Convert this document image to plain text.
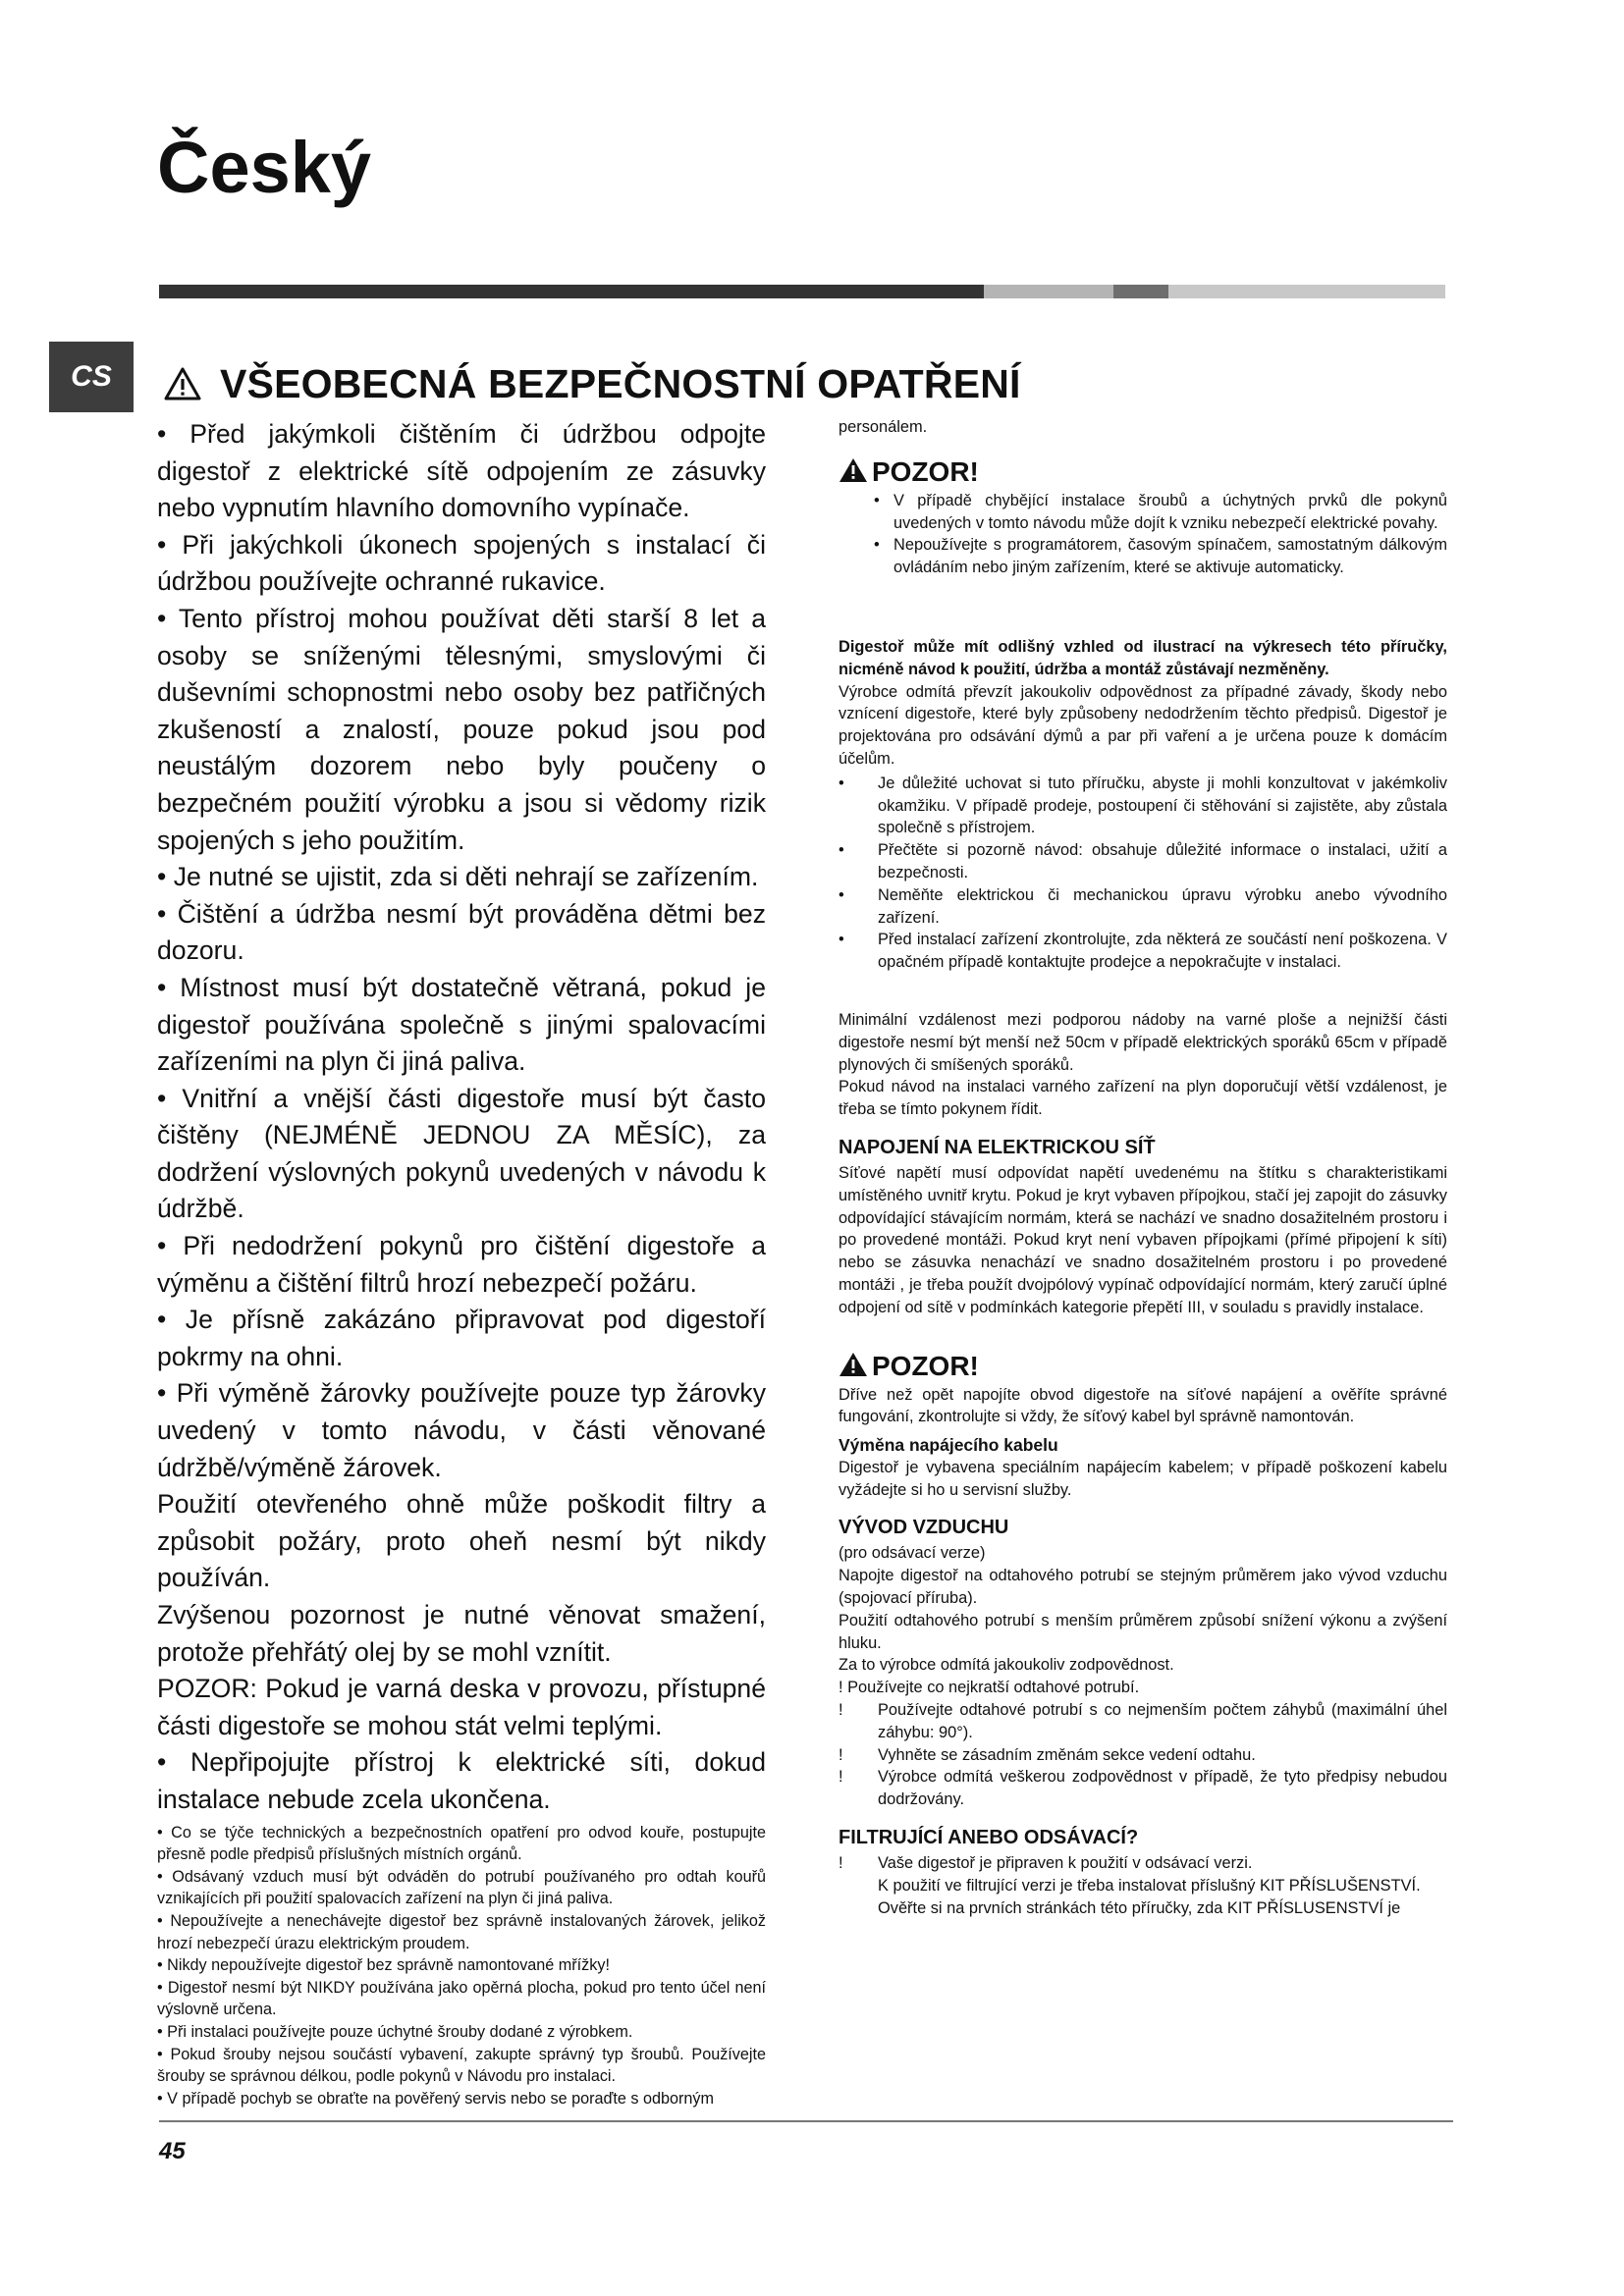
Český
CS	VŠEOBECNÁ BEZPEČNOSTNÍ OPATŘENÍ

• Před jakýmkoli čištěním či údržbou odpojte digestoř z elektrické sítě odpojením ze zásuvky nebo vypnutím hlavního domovního vypínače.

• Při jakýchkoli úkonech spojených s instalací či údržbou používejte ochranné rukavice.

• Tento přístroj mohou používat děti starší 8 let a osoby se sníženými tělesnými, smyslovými či duševními schopnostmi nebo osoby bez patřičných zkušeností a znalostí, pouze pokud jsou pod neustálým dozorem nebo byly poučeny o bezpečném použití výrobku a jsou si vědomy rizik spojených s jeho použitím.

• Je nutné se ujistit, zda si děti nehrají se zařízením.

• Čištění a údržba nesmí být prováděna dětmi bez dozoru.

• Místnost musí být dostatečně větraná, pokud je digestoř používána společně s jinými spalovacími zařízeními na plyn či jiná paliva.

• Vnitřní a vnější části digestoře musí být často čištěny (NEJMÉNĚ JEDNOU ZA MĚSÍC), za dodržení výslovných pokynů uvedených v návodu k údržbě.

• Při nedodržení pokynů pro čištění digestoře a výměnu a čištění filtrů hrozí nebezpečí požáru.

• Je přísně zakázáno připravovat pod digestoří pokrmy na ohni.

• Při výměně žárovky používejte pouze typ žárovky uvedený v tomto návodu, v části věnované údržbě/výměně žárovek.

Použití otevřeného ohně může poškodit filtry a způsobit požáry, proto oheň nesmí být nikdy používán.

Zvýšenou pozornost je nutné věnovat smažení, protože přehřátý olej by se mohl vznítit.

POZOR: Pokud je varná deska v provozu, přístupné části digestoře se mohou stát velmi teplými.

• Nepřipojujte přístroj k elektrické síti, dokud instalace nebude zcela ukončena.

• Co se týče technických a bezpečnostních opatření pro odvod kouře, postupujte přesně podle předpisů příslušných místních orgánů.

• Odsávaný vzduch musí být odváděn do potrubí používaného pro odtah kouřů vznikajících při použití spalovacích zařízení na plyn či jiná paliva.

• Nepoužívejte a nenechávejte digestoř bez správně instalovaných žárovek, jelikož hrozí nebezpečí úrazu elektrickým proudem.

• Nikdy nepoužívejte digestoř bez správně namontované mřížky!

• Digestoř nesmí být NIKDY používána jako opěrná plocha, pokud pro tento účel není výslovně určena.

• Při instalaci používejte pouze úchytné šrouby dodané z výrobkem.

• Pokud šrouby nejsou součástí vybavení, zakupte správný typ šroubů. Používejte šrouby se správnou délkou, podle pokynů v Návodu pro instalaci.

• V případě pochyb se obraťte na pověřený servis nebo se poraďte s odborným

personálem.

POZOR!

• V případě chybějící instalace šroubů a úchytných prvků dle pokynů uvedených v tomto návodu může dojít k vzniku nebezpečí elektrické povahy.
• Nepoužívejte s programátorem, časovým spínačem, samostatným dálkovým ovládáním nebo jiným zařízením, které se aktivuje automaticky.

Digestoř může mít odlišný vzhled od ilustrací na výkresech této příručky, nicméně návod k použití, údržba a montáž zůstávají nezměněny.

Výrobce odmítá převzít jakoukoliv odpovědnost za případné závady, škody nebo vznícení digestoře, které byly způsobeny nedodržením těchto předpisů. Digestoř je projektována pro odsávání dýmů a par při vaření a je určena pouze k domácím účelům.

• Je důležité uchovat si tuto příručku, abyste ji mohli konzultovat v jakémkoliv okamžiku. V případě prodeje, postoupení či stěhování si zajistěte, aby zůstala společně s přístrojem.
• Přečtěte si pozorně návod: obsahuje důležité informace o instalaci, užití a bezpečnosti.
• Neměňte elektrickou či mechanickou úpravu výrobku anebo vývodního zařízení.
• Před instalací zařízení zkontrolujte, zda některá ze součástí není poškozena. V opačném případě kontaktujte prodejce a nepokračujte v instalaci.

Minimální vzdálenost mezi podporou nádoby na varné ploše a nejnižší části digestoře nesmí být menší než 50cm v případě elektrických sporáků 65cm v případě plynových či smíšených sporáků.

Pokud návod na instalaci varného zařízení na plyn doporučují větší vzdálenost, je třeba se tímto pokynem řídit.

NAPOJENÍ NA ELEKTRICKOU SÍŤ

Síťové napětí musí odpovídat napětí uvedenému na štítku s charakteristikami umístěného uvnitř krytu. Pokud je kryt vybaven přípojkou, stačí jej zapojit do zásuvky odpovídající stávajícím normám, která se nachází ve snadno dosažitelném prostoru i po provedené montáži. Pokud kryt není vybaven přípojkami (přímé připojení k síti) nebo se zásuvka nenachází ve snadno dosažitelném prostoru i po provedené montáži , je třeba použít dvojpólový vypínač odpovídající normám, který zaručí úplné odpojení od sítě v podmínkách kategorie přepětí III, v souladu s pravidly instalace.

POZOR!

Dříve než opět napojíte obvod digestoře na síťové napájení a ověříte správné fungování, zkontrolujte si vždy, že síťový kabel byl správně namontován.

Výměna napájecího kabelu

Digestoř je vybavena speciálním napájecím kabelem; v případě poškození kabelu vyžádejte si ho u servisní služby.

VÝVOD VZDUCHU

(pro odsávací verze)

Napojte digestoř na odtahového potrubí se stejným průměrem jako vývod vzduchu (spojovací příruba).

Použití odtahového potrubí s menším průměrem způsobí snížení výkonu a zvýšení hluku.

Za to výrobce odmítá jakoukoliv zodpovědnost.

! Používejte co nejkratší odtahové potrubí.

! Používejte odtahové potrubí s co nejmenším počtem záhybů (maximální úhel záhybu: 90°).
! Vyhněte se zásadním změnám sekce vedení odtahu.
! Výrobce odmítá veškerou zodpovědnost v případě, že tyto předpisy nebudou dodržovány.

FILTRUJÍCÍ ANEBO ODSÁVACÍ?

! Vaše digestoř je připraven k použití v odsávací verzi.

K použití ve filtrující verzi je třeba instalovat příslušný KIT PŘÍSLUŠENSTVÍ.

Ověřte si na prvních stránkách této příručky, zda KIT PŘÍSLUSENSTVÍ je

45
